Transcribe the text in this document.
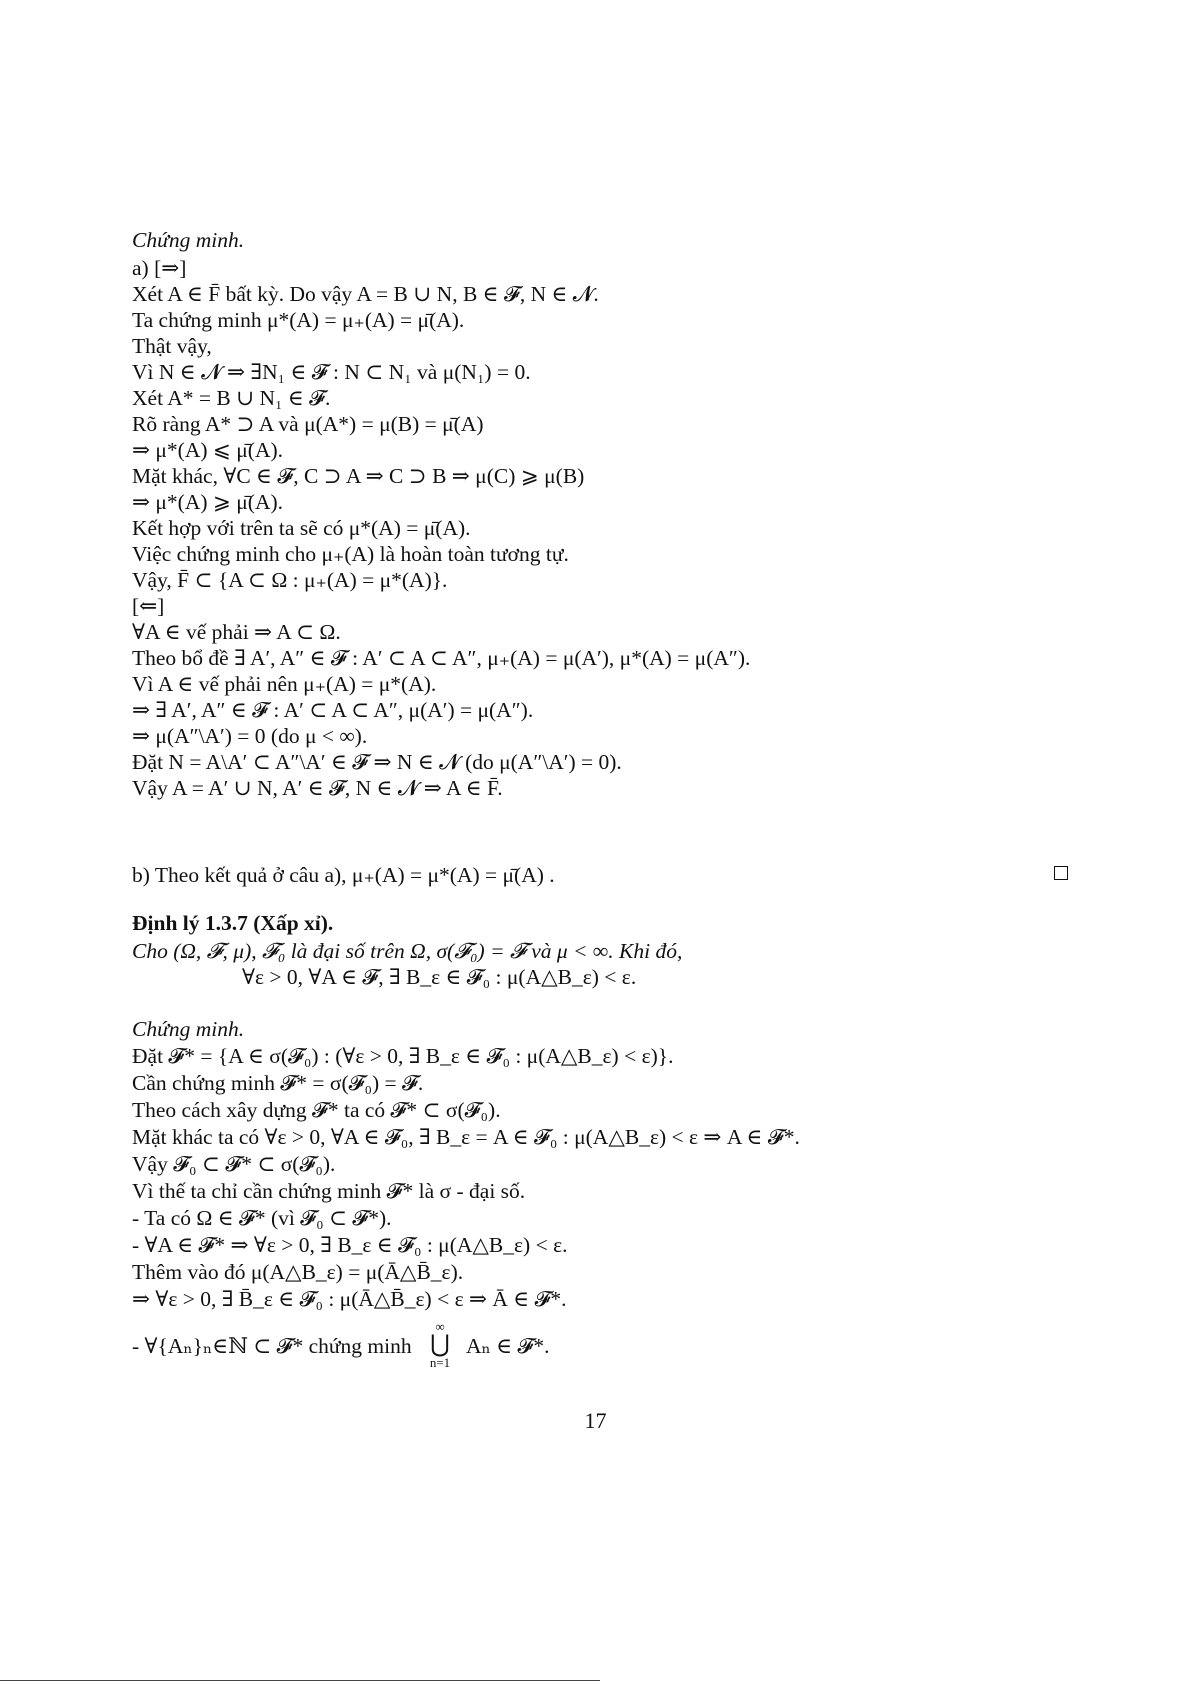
Chứng minh.
a) [⇒]
Xét A ∈ F̄ bất kỳ. Do vậy A = B ∪ N, B ∈ 𝓕, N ∈ 𝓝.
Ta chứng minh μ*(A) = μ₊(A) = μ̄(A).
Thật vậy,
Vì N ∈ 𝓝 ⇒ ∃N₁ ∈ 𝓕 : N ⊂ N₁ và μ(N₁) = 0.
Xét A* = B ∪ N₁ ∈ 𝓕.
Rõ ràng A* ⊃ A và μ(A*) = μ(B) = μ̄(A)
⇒ μ*(A) ⩽ μ̄(A).
Mặt khác, ∀C ∈ 𝓕, C ⊃ A ⇒ C ⊃ B ⇒ μ(C) ⩾ μ(B)
⇒ μ*(A) ⩾ μ̄(A).
Kết hợp với trên ta sẽ có μ*(A) = μ̄(A).
Việc chứng minh cho μ₊(A) là hoàn toàn tương tự.
Vậy, F̄ ⊂ {A ⊂ Ω : μ₊(A) = μ*(A)}.
[⇐]
∀A ∈ vế phải ⇒ A ⊂ Ω.
Theo bổ đề ∃ A′, A″ ∈ 𝓕 : A′ ⊂ A ⊂ A″, μ₊(A) = μ(A′), μ*(A) = μ(A″).
Vì A ∈ vế phải nên μ₊(A) = μ*(A).
⇒ ∃ A′, A″ ∈ 𝓕 : A′ ⊂ A ⊂ A″, μ(A′) = μ(A″).
⇒ μ(A″\A′) = 0 (do μ < ∞).
Đặt N = A\A′ ⊂ A″\A′ ∈ 𝓕 ⇒ N ∈ 𝓝 (do μ(A″\A′) = 0).
Vậy A = A′ ∪ N, A′ ∈ 𝓕, N ∈ 𝓝 ⇒ A ∈ F̄.
b) Theo kết quả ở câu a), μ₊(A) = μ*(A) = μ̄(A) .
Định lý 1.3.7 (Xấp xỉ).
Cho (Ω, 𝓕, μ), 𝓕₀ là đại số trên Ω, σ(𝓕₀) = 𝓕 và μ < ∞. Khi đó,
∀ε > 0, ∀A ∈ 𝓕, ∃ B_ε ∈ 𝓕₀ : μ(A△B_ε) < ε.
Chứng minh.
Đặt 𝓕* = {A ∈ σ(𝓕₀) : (∀ε > 0, ∃ B_ε ∈ 𝓕₀ : μ(A△B_ε) < ε)}.
Cần chứng minh 𝓕* = σ(𝓕₀) = 𝓕.
Theo cách xây dựng 𝓕* ta có 𝓕* ⊂ σ(𝓕₀).
Mặt khác ta có ∀ε > 0, ∀A ∈ 𝓕₀, ∃ B_ε = A ∈ 𝓕₀ : μ(A△B_ε) < ε ⇒ A ∈ 𝓕*.
Vậy 𝓕₀ ⊂ 𝓕* ⊂ σ(𝓕₀).
Vì thế ta chỉ cần chứng minh 𝓕* là σ - đại số.
- Ta có Ω ∈ 𝓕* (vì 𝓕₀ ⊂ 𝓕*).
- ∀A ∈ 𝓕* ⇒ ∀ε > 0, ∃ B_ε ∈ 𝓕₀ : μ(A△B_ε) < ε.
Thêm vào đó μ(A△B_ε) = μ(Ā△B̄_ε).
⇒ ∀ε > 0, ∃ B̄_ε ∈ 𝓕₀ : μ(Ā△B̄_ε) < ε ⇒ Ā ∈ 𝓕*.
- ∀{Aₙ}ₙ∈ℕ ⊂ 𝓕* chứng minh	Aₙ ∈ 𝓕*.
∞
⋃
n=1
17
